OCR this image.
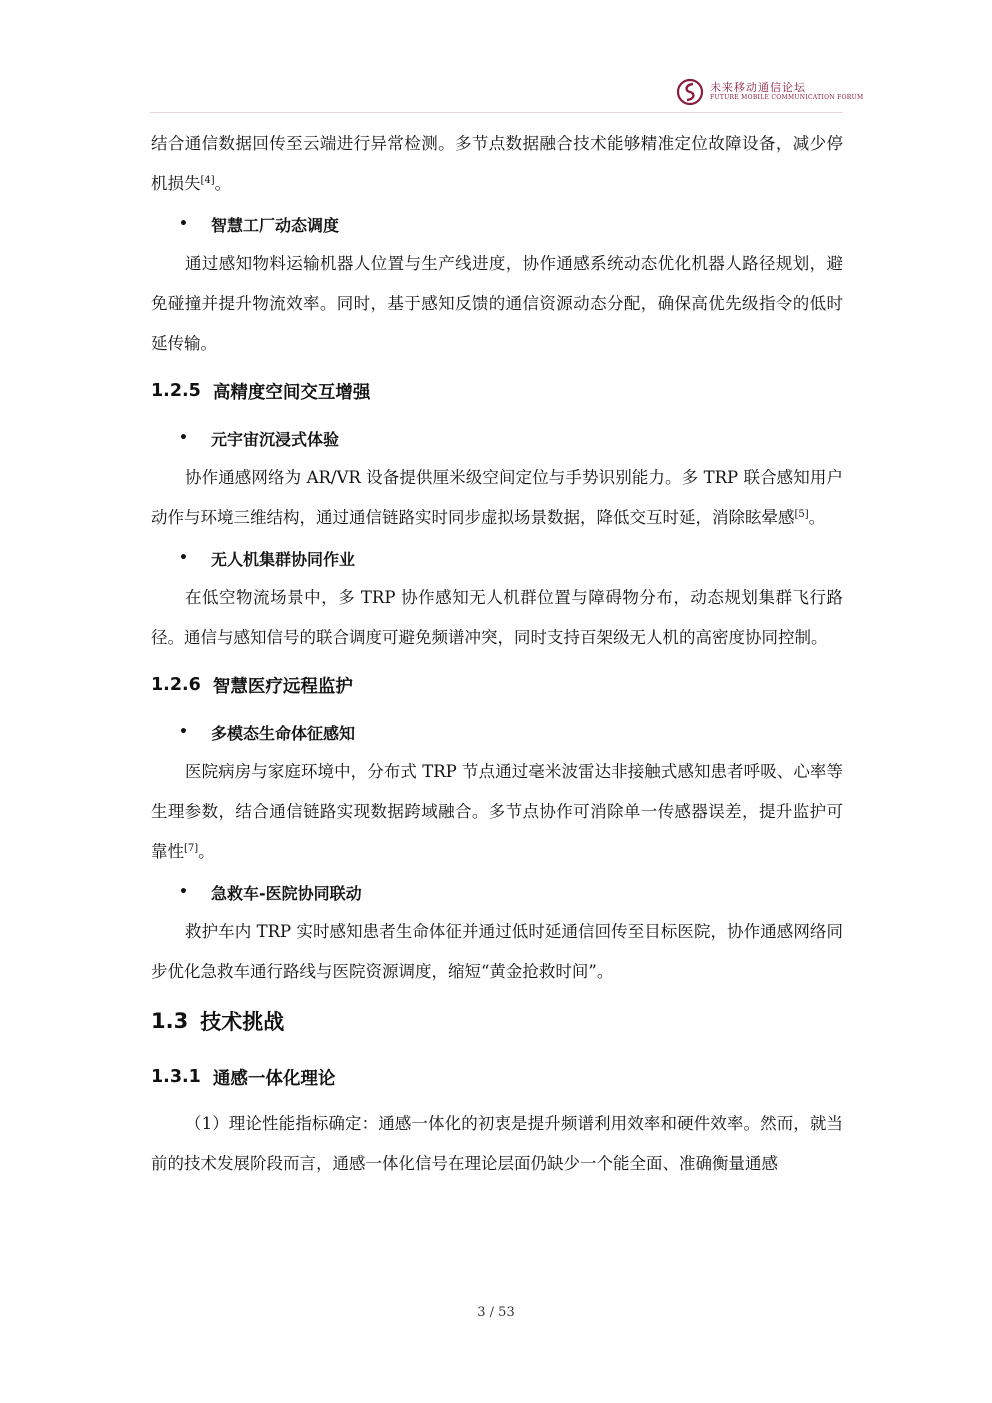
未来移动通信论坛
FUTURE MOBILE COMMUNICATION FORUM

结合通信数据回传至云端进行异常检测。多节点数据融合技术能够精准定位故障设备，减少停机损失[4]。

• 智慧工厂动态调度

通过感知物料运输机器人位置与生产线进度，协作通感系统动态优化机器人路径规划，避免碰撞并提升物流效率。同时，基于感知反馈的通信资源动态分配，确保高优先级指令的低时延传输。

1.2.5 高精度空间交互增强
• 元宇宙沉浸式体验

协作通感网络为 AR/VR 设备提供厘米级空间定位与手势识别能力。多 TRP 联合感知用户动作与环境三维结构，通过通信链路实时同步虚拟场景数据，降低交互时延，消除眩晕感[5]。

• 无人机集群协同作业

在低空物流场景中，多 TRP 协作感知无人机群位置与障碍物分布，动态规划集群飞行路径。通信与感知信号的联合调度可避免频谱冲突，同时支持百架级无人机的高密度协同控制。

1.2.6 智慧医疗远程监护
• 多模态生命体征感知

医院病房与家庭环境中，分布式 TRP 节点通过毫米波雷达非接触式感知患者呼吸、心率等生理参数，结合通信链路实现数据跨域融合。多节点协作可消除单一传感器误差，提升监护可靠性[7]。

• 急救车-医院协同联动

救护车内 TRP 实时感知患者生命体征并通过低时延通信回传至目标医院，协作通感网络同步优化急救车通行路线与医院资源调度，缩短“黄金抢救时间”。

1.3 技术挑战
1.3.1 通感一体化理论

（1）理论性能指标确定：通感一体化的初衷是提升频谱利用效率和硬件效率。然而，就当前的技术发展阶段而言，通感一体化信号在理论层面仍缺少一个能全面、准确衡量通感

3 / 53
